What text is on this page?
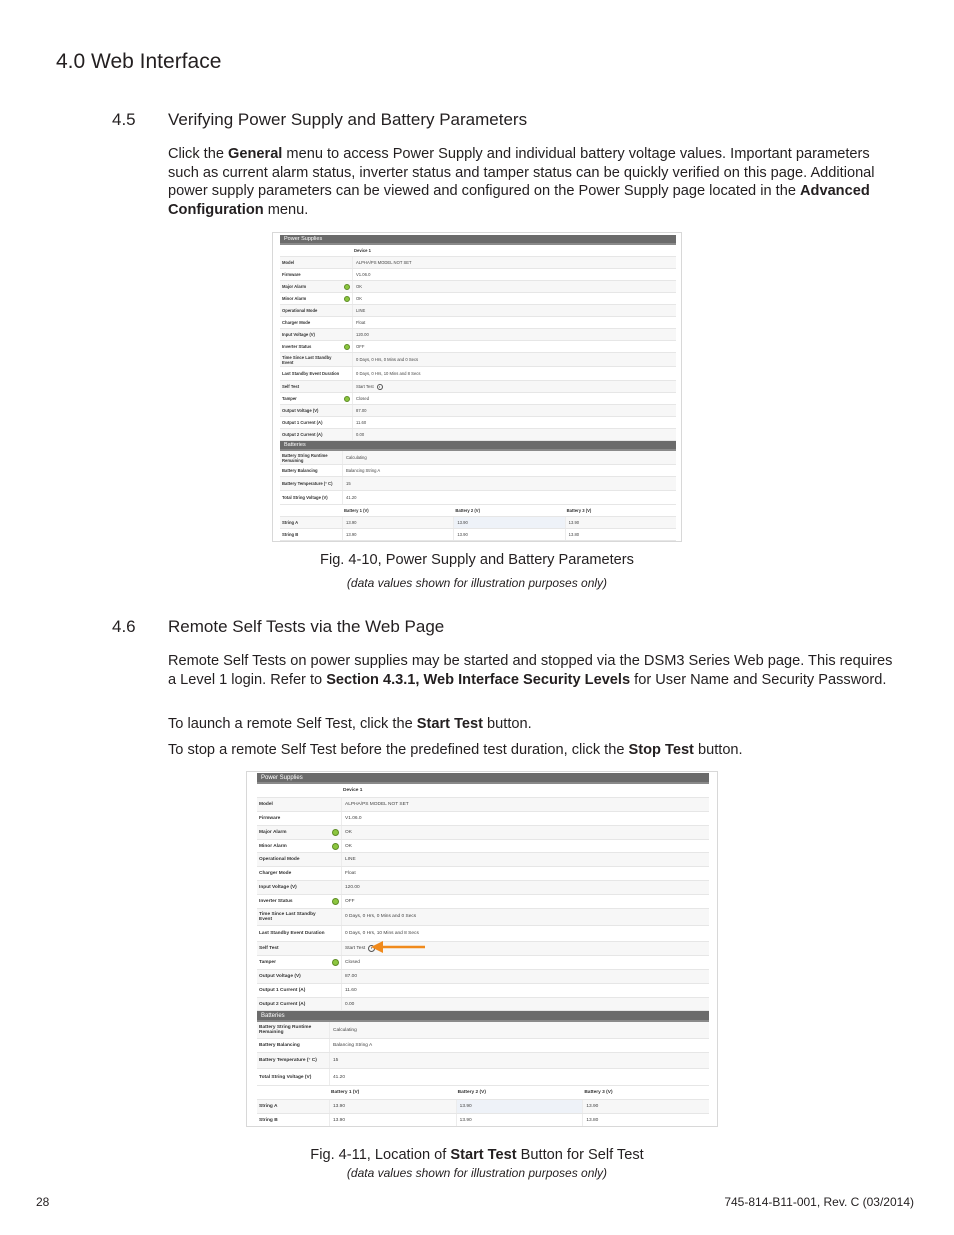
4.0 Web Interface
4.5 Verifying Power Supply and Battery Parameters
Click the General menu to access Power Supply and individual battery voltage values. Important parameters such as current alarm status, inverter status and tamper status can be quickly verified on this page. Additional power supply parameters can be viewed and configured on the Power Supply page located in the Advanced Configuration menu.
Power Supplies
Device 1
Model	ALPHA/PS MODEL NOT SET
Firmware	V1.06.0
Major Alarm	OK
Minor Alarm	OK
Operational Mode	LINE
Charger Mode	Float
Input Voltage (V)	120.00
Inverter Status	OFF
Time Since Last Standby Event	0 Days, 0 Hrs, 0 Mins and 0 Secs
Last Standby Event Duration	0 Days, 0 Hrs, 10 Mins and 8 Secs
Self Test	Start Test
Tamper	Closed
Output Voltage (V)	87.00
Output 1 Current (A)	11.60
Output 2 Current (A)	0.00
Batteries
Battery String Runtime Remaining	Calculating
Battery Balancing	Balancing String A
Battery Temperature (° C)	15
Total String Voltage (V)	41.20
Battery 1 (V)	Battery 2 (V)	Battery 3 (V)
String A	13.90	13.90	13.90
String B	13.90	13.90	13.80
Fig. 4-10, Power Supply and Battery Parameters
(data values shown for illustration purposes only)
4.6 Remote Self Tests via the Web Page
Remote Self Tests on power supplies may be started and stopped via the DSM3 Series Web page. This requires a Level 1 login. Refer to Section 4.3.1, Web Interface Security Levels for User Name and Security Password.
To launch a remote Self Test, click the Start Test button.
To stop a remote Self Test before the predefined test duration, click the Stop Test button.
Power Supplies
Device 1
Model	ALPHA/PS MODEL NOT SET
Firmware	V1.06.0
Major Alarm	OK
Minor Alarm	OK
Operational Mode	LINE
Charger Mode	Float
Input Voltage (V)	120.00
Inverter Status	OFF
Time Since Last Standby Event	0 Days, 0 Hrs, 0 Mins and 0 Secs
Last Standby Event Duration	0 Days, 0 Hrs, 10 Mins and 8 Secs
Self Test	Start Test
Tamper	Closed
Output Voltage (V)	87.00
Output 1 Current (A)	11.60
Output 2 Current (A)	0.00
Batteries
Battery String Runtime Remaining	Calculating
Battery Balancing	Balancing String A
Battery Temperature (° C)	15
Total String Voltage (V)	41.20
Battery 1 (V)	Battery 2 (V)	Battery 3 (V)
String A	13.90	13.90	13.90
String B	13.90	13.90	13.80
Fig. 4-11, Location of Start Test Button for Self Test
(data values shown for illustration purposes only)
28	745-814-B11-001, Rev. C (03/2014)
